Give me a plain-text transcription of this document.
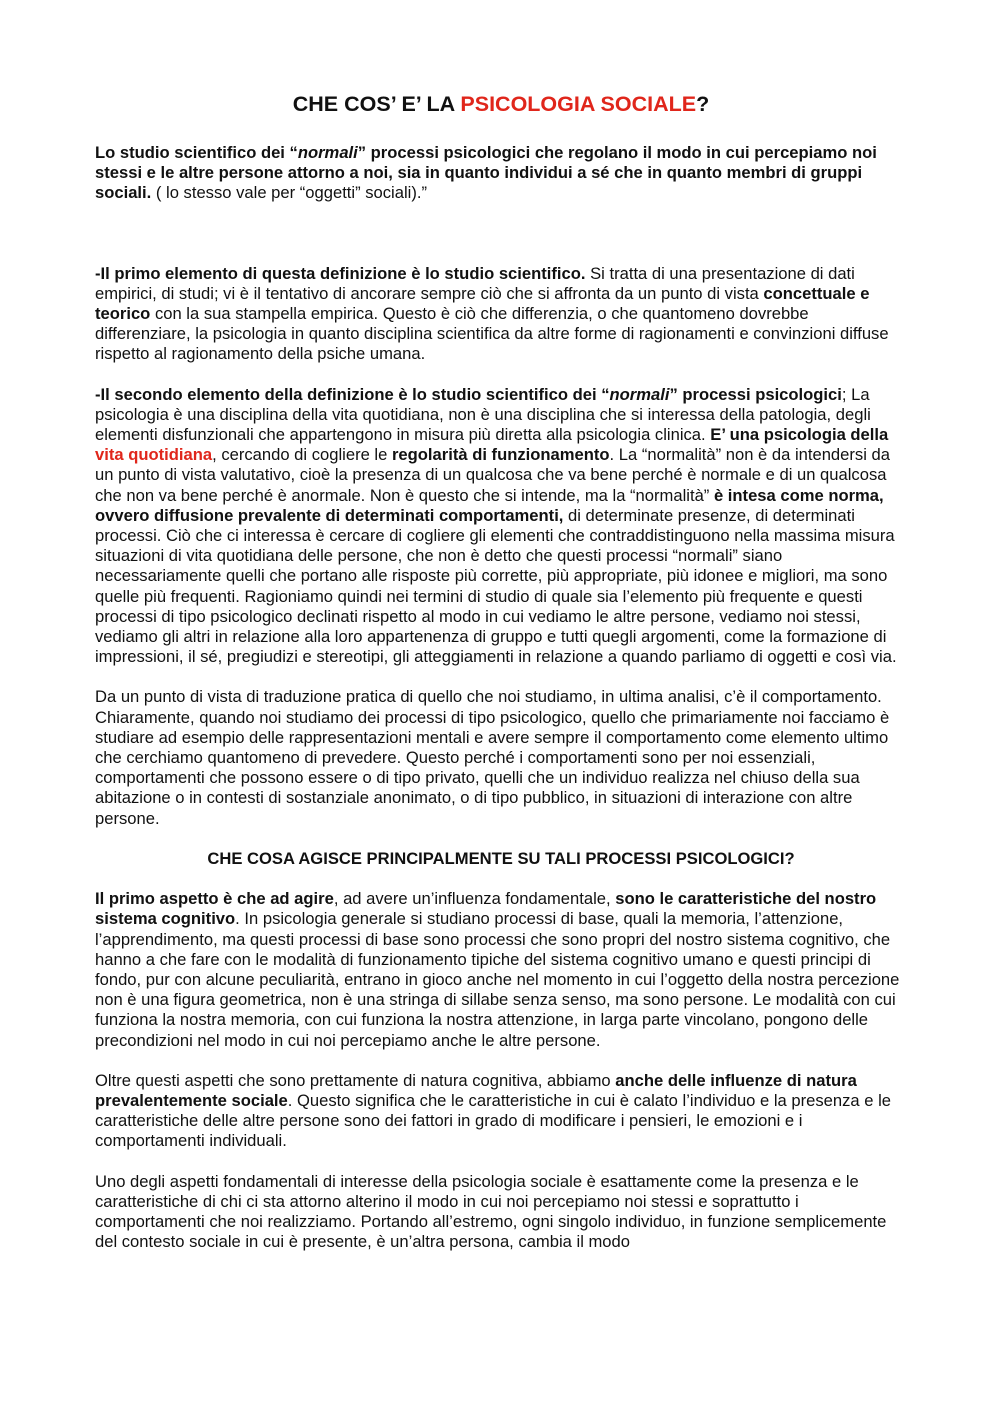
CHE COS’ E’ LA PSICOLOGIA SOCIALE?

Lo studio scientifico dei “normali” processi psicologici che regolano il modo in cui percepiamo noi stessi e le altre persone attorno a noi, sia in quanto individui a sé che in quanto membri di gruppi sociali. ( lo stesso vale per “oggetti” sociali).”

-Il primo elemento di questa definizione è lo studio scientifico. Si tratta di una presentazione di dati empirici, di studi; vi è il tentativo di ancorare sempre ciò che si affronta da un punto di vista concettuale e teorico con la sua stampella empirica. Questo è ciò che differenzia, o che quantomeno dovrebbe differenziare, la psicologia in quanto disciplina scientifica da altre forme di ragionamenti e convinzioni diffuse rispetto al ragionamento della psiche umana.

-Il secondo elemento della definizione è lo studio scientifico dei “normali” processi psicologici; La psicologia è una disciplina della vita quotidiana, non è una disciplina che si interessa della patologia, degli elementi disfunzionali che appartengono in misura più diretta alla psicologia clinica. E’ una psicologia della vita quotidiana, cercando di cogliere le regolarità di funzionamento. La “normalità” non è da intendersi da un punto di vista valutativo, cioè la presenza di un qualcosa che va bene perché è normale e di un qualcosa che non va bene perché è anormale. Non è questo che si intende, ma la “normalità” è intesa come norma, ovvero diffusione prevalente di determinati comportamenti, di determinate presenze, di determinati processi. Ciò che ci interessa è cercare di cogliere gli elementi che contraddistinguono nella massima misura situazioni di vita quotidiana delle persone, che non è detto che questi processi “normali” siano necessariamente quelli che portano alle risposte più corrette, più appropriate, più idonee e migliori, ma sono quelle più frequenti. Ragioniamo quindi nei termini di studio di quale sia l’elemento più frequente e questi processi di tipo psicologico declinati rispetto al modo in cui vediamo le altre persone, vediamo noi stessi, vediamo gli altri in relazione alla loro appartenenza di gruppo e tutti quegli argomenti, come la formazione di impressioni, il sé, pregiudizi e stereotipi, gli atteggiamenti in relazione a quando parliamo di oggetti e così via.

Da un punto di vista di traduzione pratica di quello che noi studiamo, in ultima analisi, c’è il comportamento. Chiaramente, quando noi studiamo dei processi di tipo psicologico, quello che primariamente noi facciamo è studiare ad esempio delle rappresentazioni mentali e avere sempre il comportamento come elemento ultimo che cerchiamo quantomeno di prevedere. Questo perché i comportamenti sono per noi essenziali, comportamenti che possono essere o di tipo privato, quelli che un individuo realizza nel chiuso della sua abitazione o in contesti di sostanziale anonimato, o di tipo pubblico, in situazioni di interazione con altre persone.

CHE COSA AGISCE PRINCIPALMENTE SU TALI PROCESSI PSICOLOGICI?

Il primo aspetto è che ad agire, ad avere un’influenza fondamentale, sono le caratteristiche del nostro sistema cognitivo. In psicologia generale si studiano processi di base, quali la memoria, l’attenzione, l’apprendimento, ma questi processi di base sono processi che sono propri del nostro sistema cognitivo, che hanno a che fare con le modalità di funzionamento tipiche del sistema cognitivo umano e questi principi di fondo, pur con alcune peculiarità, entrano in gioco anche nel momento in cui l’oggetto della nostra percezione non è una figura geometrica, non è una stringa di sillabe senza senso, ma sono persone. Le modalità con cui funziona la nostra memoria, con cui funziona la nostra attenzione, in larga parte vincolano, pongono delle precondizioni nel modo in cui noi percepiamo anche le altre persone.

Oltre questi aspetti che sono prettamente di natura cognitiva, abbiamo anche delle influenze di natura prevalentemente sociale. Questo significa che le caratteristiche in cui è calato l’individuo e la presenza e le caratteristiche delle altre persone sono dei fattori in grado di modificare i pensieri, le emozioni e i comportamenti individuali.

Uno degli aspetti fondamentali di interesse della psicologia sociale è esattamente come la presenza e le caratteristiche di chi ci sta attorno alterino il modo in cui noi percepiamo noi stessi e soprattutto i comportamenti che noi realizziamo. Portando all’estremo, ogni singolo individuo, in funzione semplicemente del contesto sociale in cui è presente, è un’altra persona, cambia il modo
